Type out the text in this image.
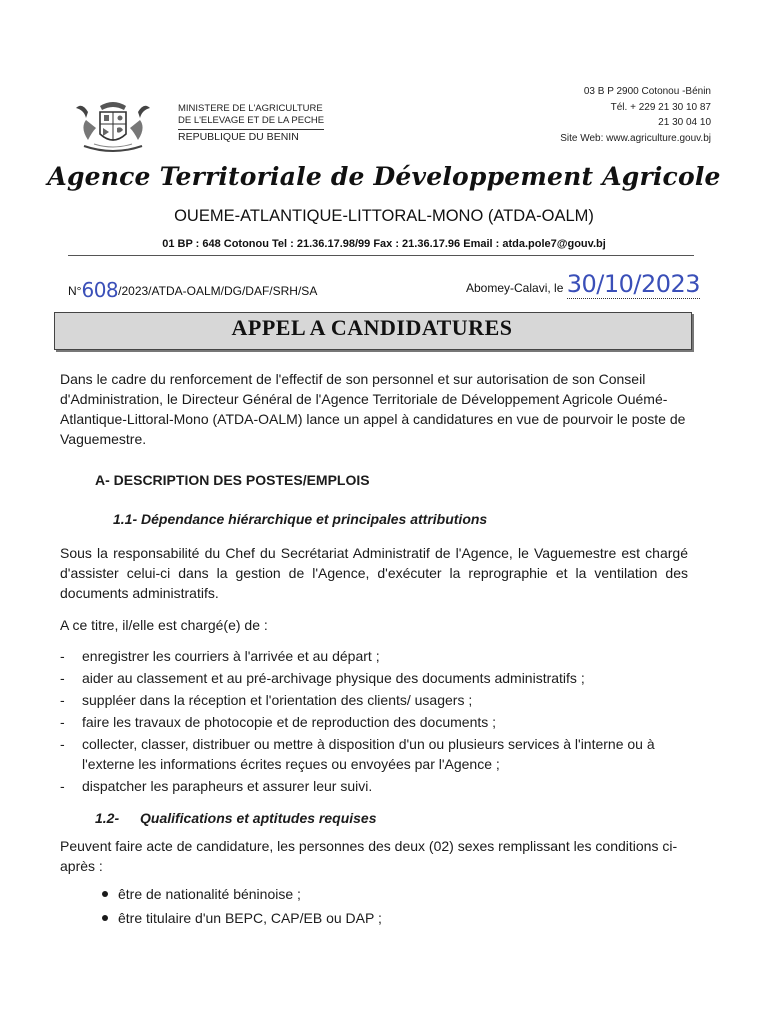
MINISTERE DE L'AGRICULTURE
DE L'ELEVAGE ET DE LA PECHE
REPUBLIQUE DU BENIN
03 B P 2900 Cotonou -Bénin
Tél. + 229 21 30 10 87
21 30 04 10
Site Web: www.agriculture.gouv.bj
Agence Territoriale de Développement Agricole
OUEME-ATLANTIQUE-LITTORAL-MONO (ATDA-OALM)
01 BP : 648 Cotonou Tel : 21.36.17.98/99 Fax : 21.36.17.96 Email : atda.pole7@gouv.bj
N°608/2023/ATDA-OALM/DG/DAF/SRH/SA	Abomey-Calavi, le 30/10/2023
APPEL A CANDIDATURES
Dans le cadre du renforcement de l'effectif de son personnel et sur autorisation de son Conseil d'Administration, le Directeur Général de l'Agence Territoriale de Développement Agricole Ouémé-Atlantique-Littoral-Mono (ATDA-OALM) lance un appel à candidatures en vue de pourvoir le poste de Vaguemestre.
A- DESCRIPTION DES POSTES/EMPLOIS
1.1- Dépendance hiérarchique et principales attributions
Sous la responsabilité du Chef du Secrétariat Administratif de l'Agence, le Vaguemestre est chargé d'assister celui-ci dans la gestion de l'Agence, d'exécuter la reprographie et la ventilation des documents administratifs.
A ce titre, il/elle est chargé(e) de :
- enregistrer les courriers à l'arrivée et au départ ;
- aider au classement et au pré-archivage physique des documents administratifs ;
- suppléer dans la réception et l'orientation des clients/ usagers ;
- faire les travaux de photocopie et de reproduction des documents ;
- collecter, classer, distribuer ou mettre à disposition d'un ou plusieurs services à l'interne ou à l'externe les informations écrites reçues ou envoyées par l'Agence ;
- dispatcher les parapheurs et assurer leur suivi.
1.2- Qualifications et aptitudes requises
Peuvent faire acte de candidature, les personnes des deux (02) sexes remplissant les conditions ci-après :
être de nationalité béninoise ;
être titulaire d'un BEPC, CAP/EB ou DAP ;
